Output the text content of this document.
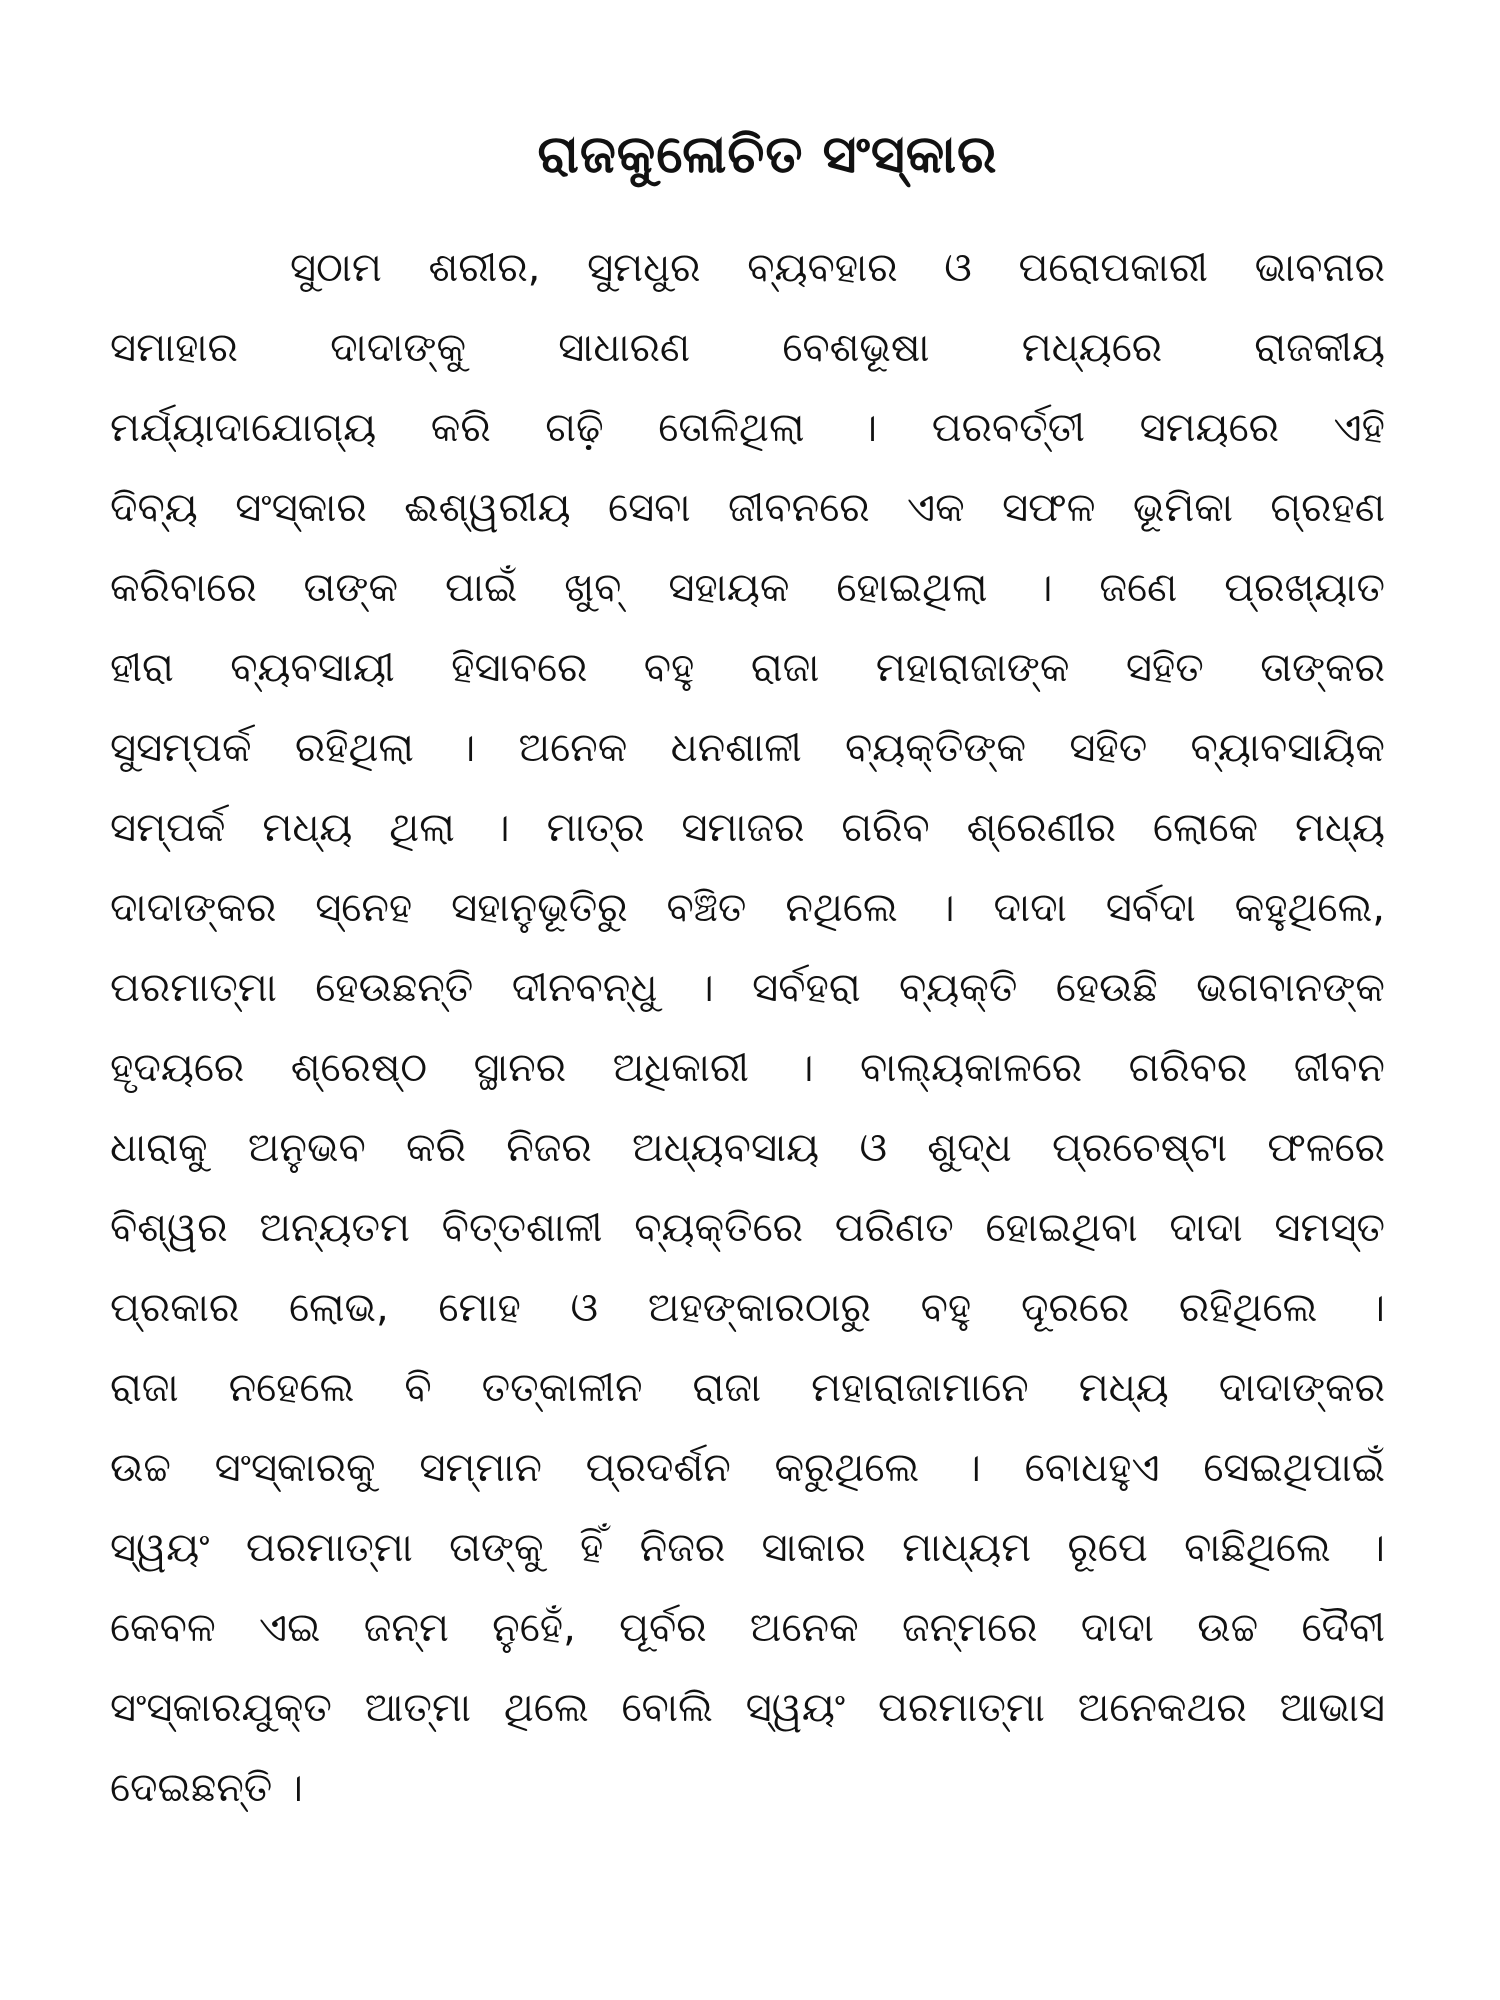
ରାଜକୁଳୋଚିତ ସଂସ୍କାର
ସୁଠାମ ଶରୀର, ସୁମଧୁର ବ୍ୟବହାର ଓ ପରୋପକାରୀ ଭାବନାର
ସମାହାର ଦାଦାଙ୍କୁ ସାଧାରଣ ବେଶଭୂଷା ମଧ୍ୟରେ ରାଜକୀୟ
ମର୍ଯ୍ୟାଦାଯୋଗ୍ୟ କରି ଗଢ଼ି ତୋଳିଥିଲା । ପରବର୍ତ୍ତୀ ସମୟରେ ଏହି
ଦିବ୍ୟ ସଂସ୍କାର ଈଶ୍ୱରୀୟ ସେବା ଜୀବନରେ ଏକ ସଫଳ ଭୂମିକା ଗ୍ରହଣ
କରିବାରେ ତାଙ୍କ ପାଇଁ ଖୁବ୍ ସହାୟକ ହୋଇଥିଲା । ଜଣେ ପ୍ରଖ୍ୟାତ
ହୀରା ବ୍ୟବସାୟୀ ହିସାବରେ ବହୁ ରାଜା ମହାରାଜାଙ୍କ ସହିତ ତାଙ୍କର
ସୁସମ୍ପର୍କ ରହିଥିଲା । ଅନେକ ଧନଶାଳୀ ବ୍ୟକ୍ତିଙ୍କ ସହିତ ବ୍ୟାବସାୟିକ
ସମ୍ପର୍କ ମଧ୍ୟ ଥିଲା । ମାତ୍ର ସମାଜର ଗରିବ ଶ୍ରେଣୀର ଲୋକେ ମଧ୍ୟ
ଦାଦାଙ୍କର ସ୍ନେହ ସହାନୁଭୂତିରୁ ବଞ୍ଚିତ ନଥିଲେ । ଦାଦା ସର୍ବଦା କହୁଥିଲେ,
ପରମାତ୍ମା ହେଉଛନ୍ତି ଦୀନବନ୍ଧୁ । ସର୍ବହରା ବ୍ୟକ୍ତି ହେଉଛି ଭଗବାନଙ୍କ
ହୃଦୟରେ ଶ୍ରେଷ୍ଠ ସ୍ଥାନର ଅଧିକାରୀ । ବାଲ୍ୟକାଳରେ ଗରିବର ଜୀବନ
ଧାରାକୁ ଅନୁଭବ କରି ନିଜର ଅଧ୍ୟବସାୟ ଓ ଶୁଦ୍ଧ ପ୍ରଚେଷ୍ଟା ଫଳରେ
ବିଶ୍ୱର ଅନ୍ୟତମ ବିତ୍ତଶାଳୀ ବ୍ୟକ୍ତିରେ ପରିଣତ ହୋଇଥିବା ଦାଦା ସମସ୍ତ
ପ୍ରକାର ଲୋଭ, ମୋହ ଓ ଅହଙ୍କାରଠାରୁ ବହୁ ଦୂରରେ ରହିଥିଲେ ।
ରାଜା ନହେଲେ ବି ତତ୍କାଳୀନ ରାଜା ମହାରାଜାମାନେ ମଧ୍ୟ ଦାଦାଙ୍କର
ଉଚ୍ଚ ସଂସ୍କାରକୁ ସମ୍ମାନ ପ୍ରଦର୍ଶନ କରୁଥିଲେ । ବୋଧହୁଏ ସେଇଥିପାଇଁ
ସ୍ୱୟଂ ପରମାତ୍ମା ତାଙ୍କୁ ହିଁ ନିଜର ସାକାର ମାଧ୍ୟମ ରୂପେ ବାଛିଥିଲେ ।
କେବଳ ଏଇ ଜନ୍ମ ନୁହେଁ, ପୂର୍ବର ଅନେକ ଜନ୍ମରେ ଦାଦା ଉଚ୍ଚ ଦୈବୀ
ସଂସ୍କାରଯୁକ୍ତ ଆତ୍ମା ଥିଲେ ବୋଲି ସ୍ୱୟଂ ପରମାତ୍ମା ଅନେକଥର ଆଭାସ
ଦେଇଛନ୍ତି ।
